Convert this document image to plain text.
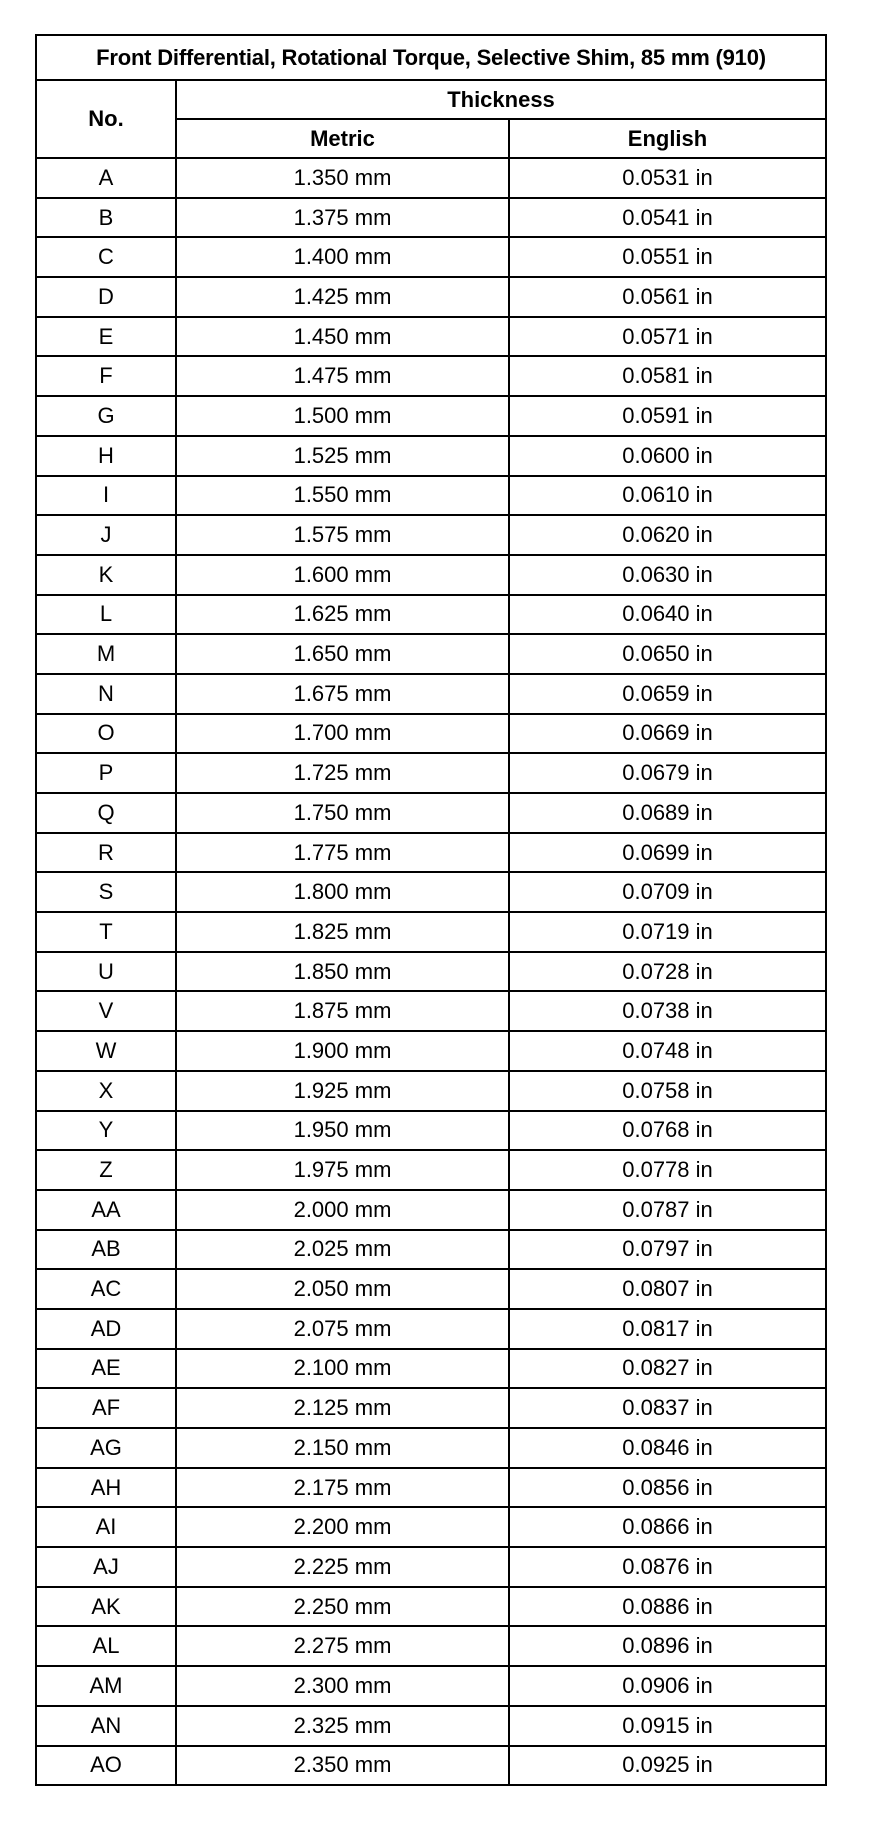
Front Differential, Rotational Torque, Selective Shim, 85 mm (910)		
No.	Thickness	
	Metric	English
A	1.350 mm	0.0531 in
B	1.375 mm	0.0541 in
C	1.400 mm	0.0551 in
D	1.425 mm	0.0561 in
E	1.450 mm	0.0571 in
F	1.475 mm	0.0581 in
G	1.500 mm	0.0591 in
H	1.525 mm	0.0600 in
I	1.550 mm	0.0610 in
J	1.575 mm	0.0620 in
K	1.600 mm	0.0630 in
L	1.625 mm	0.0640 in
M	1.650 mm	0.0650 in
N	1.675 mm	0.0659 in
O	1.700 mm	0.0669 in
P	1.725 mm	0.0679 in
Q	1.750 mm	0.0689 in
R	1.775 mm	0.0699 in
S	1.800 mm	0.0709 in
T	1.825 mm	0.0719 in
U	1.850 mm	0.0728 in
V	1.875 mm	0.0738 in
W	1.900 mm	0.0748 in
X	1.925 mm	0.0758 in
Y	1.950 mm	0.0768 in
Z	1.975 mm	0.0778 in
AA	2.000 mm	0.0787 in
AB	2.025 mm	0.0797 in
AC	2.050 mm	0.0807 in
AD	2.075 mm	0.0817 in
AE	2.100 mm	0.0827 in
AF	2.125 mm	0.0837 in
AG	2.150 mm	0.0846 in
AH	2.175 mm	0.0856 in
AI	2.200 mm	0.0866 in
AJ	2.225 mm	0.0876 in
AK	2.250 mm	0.0886 in
AL	2.275 mm	0.0896 in
AM	2.300 mm	0.0906 in
AN	2.325 mm	0.0915 in
AO	2.350 mm	0.0925 in
